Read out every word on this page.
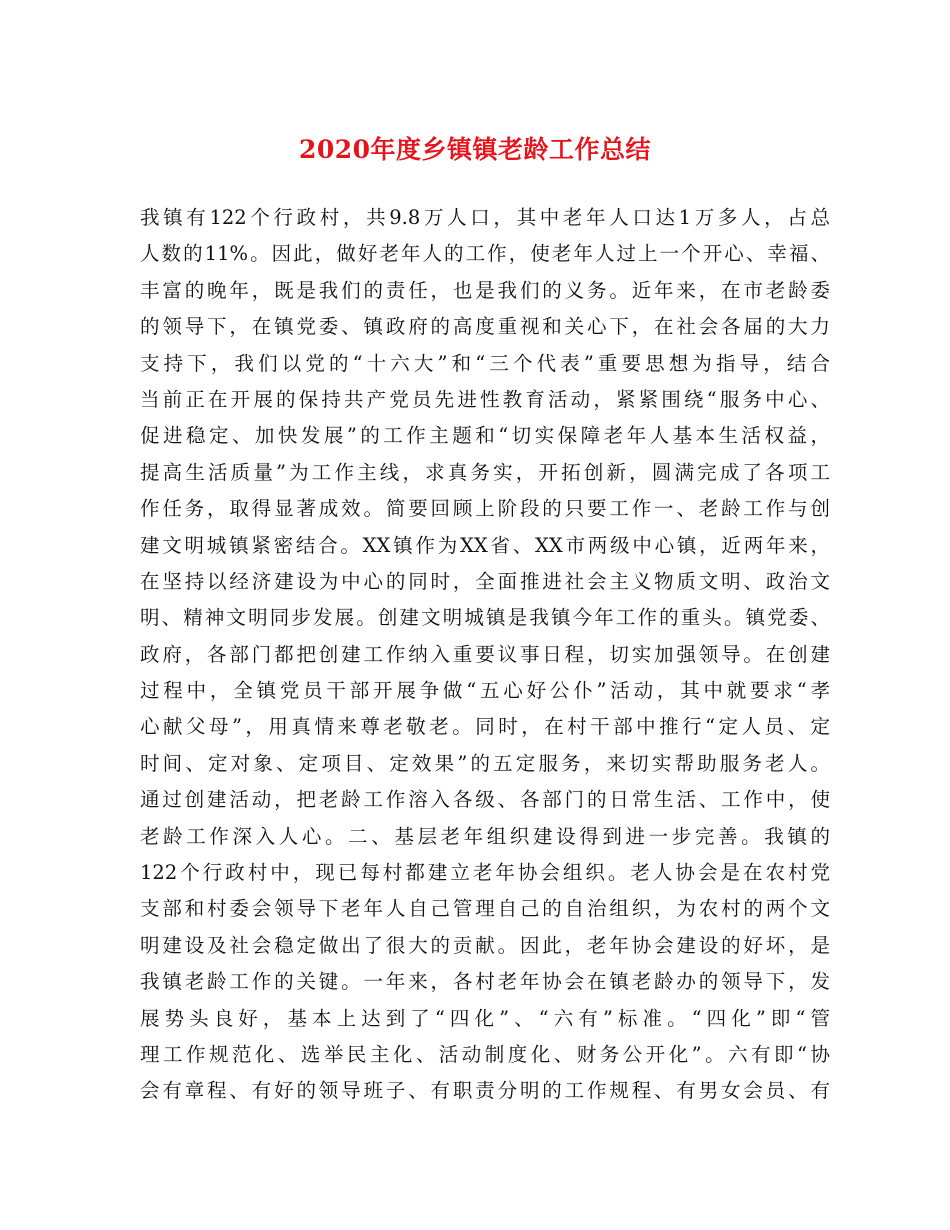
2020年度乡镇镇老龄工作总结
我镇有122个行政村，共9.8万人口，其中老年人口达1万多人，占总
人数的11%。因此，做好老年人的工作，使老年人过上一个开心、幸福、
丰富的晚年，既是我们的责任，也是我们的义务。近年来，在市老龄委
的领导下，在镇党委、镇政府的高度重视和关心下，在社会各届的大力
支持下，我们以党的“十六大”和“三个代表”重要思想为指导，结合
当前正在开展的保持共产党员先进性教育活动，紧紧围绕“服务中心、
促进稳定、加快发展”的工作主题和“切实保障老年人基本生活权益，
提高生活质量”为工作主线，求真务实，开拓创新，圆满完成了各项工
作任务，取得显著成效。简要回顾上阶段的只要工作一、老龄工作与创
建文明城镇紧密结合。XX镇作为XX省、XX市两级中心镇，近两年来，
在坚持以经济建设为中心的同时，全面推进社会主义物质文明、政治文
明、精神文明同步发展。创建文明城镇是我镇今年工作的重头。镇党委、
政府，各部门都把创建工作纳入重要议事日程，切实加强领导。在创建
过程中，全镇党员干部开展争做“五心好公仆”活动，其中就要求“孝
心献父母”，用真情来尊老敬老。同时，在村干部中推行“定人员、定
时间、定对象、定项目、定效果”的五定服务，来切实帮助服务老人。
通过创建活动，把老龄工作溶入各级、各部门的日常生活、工作中，使
老龄工作深入人心。二、基层老年组织建设得到进一步完善。我镇的
122个行政村中，现已每村都建立老年协会组织。老人协会是在农村党
支部和村委会领导下老年人自己管理自己的自治组织，为农村的两个文
明建设及社会稳定做出了很大的贡献。因此，老年协会建设的好坏，是
我镇老龄工作的关键。一年来，各村老年协会在镇老龄办的领导下，发
展势头良好，基本上达到了“四化”、“六有”标准。“四化”即“管
理工作规范化、选举民主化、活动制度化、财务公开化”。六有即“协
会有章程、有好的领导班子、有职责分明的工作规程、有男女会员、有
